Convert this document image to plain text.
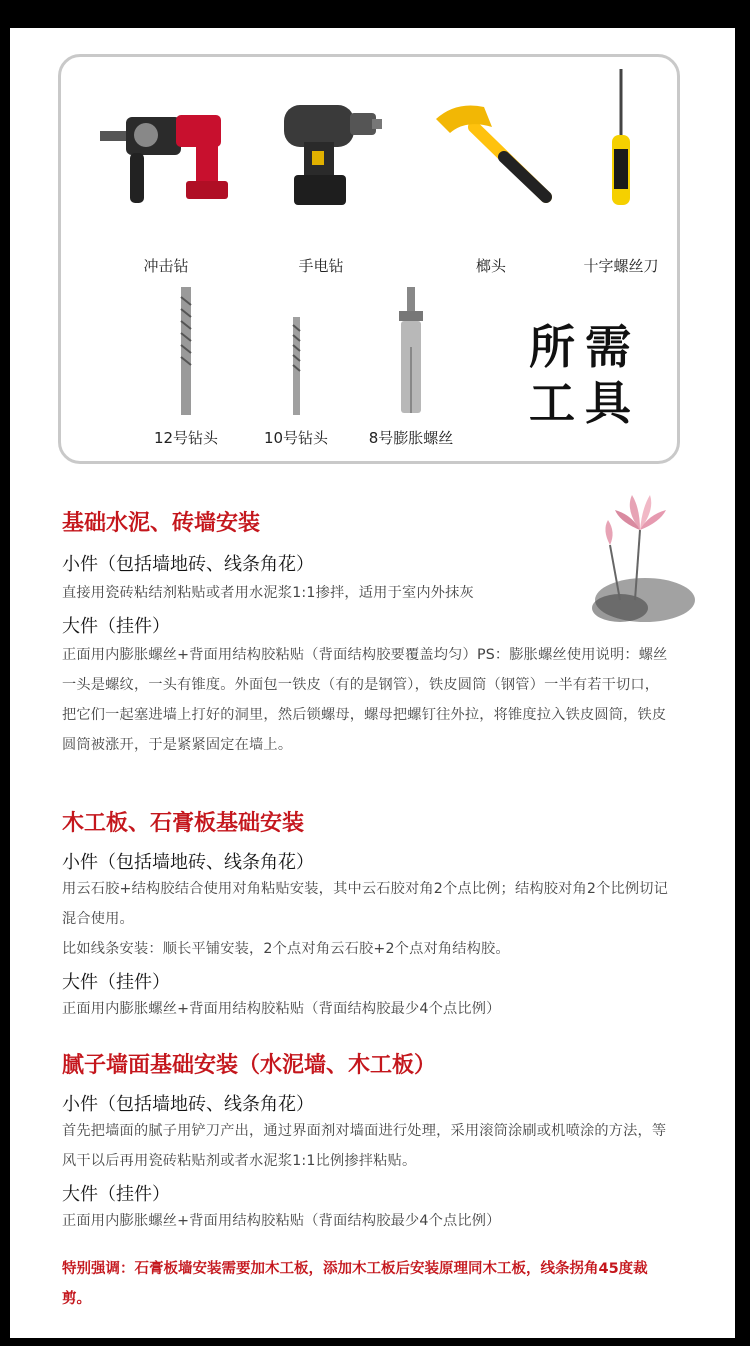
冲击钻	手电钻	榔头	十字螺丝刀
12号钻头	10号钻头	8号膨胀螺丝
所需
工具
基础水泥、砖墙安装
小件（包括墙地砖、线条角花）
直接用瓷砖粘结剂粘贴或者用水泥浆1:1掺拌，适用于室内外抹灰
大件（挂件）
正面用内膨胀螺丝+背面用结构胶粘贴（背面结构胶要覆盖均匀）PS：膨胀螺丝使用说明：螺丝一头是螺纹，一头有锥度。外面包一铁皮（有的是钢管），铁皮圆筒（钢管）一半有若干切口，把它们一起塞进墙上打好的洞里，然后锁螺母，螺母把螺钉往外拉，将锥度拉入铁皮圆筒，铁皮圆筒被涨开，于是紧紧固定在墙上。
木工板、石膏板基础安装
小件（包括墙地砖、线条角花）
用云石胶+结构胶结合使用对角粘贴安装，其中云石胶对角2个点比例；结构胶对角2个比例切记混合使用。
比如线条安装：顺长平铺安装，2个点对角云石胶+2个点对角结构胶。
大件（挂件）
正面用内膨胀螺丝+背面用结构胶粘贴（背面结构胶最少4个点比例）
腻子墙面基础安装（水泥墙、木工板）
小件（包括墙地砖、线条角花）
首先把墙面的腻子用铲刀产出，通过界面剂对墙面进行处理，采用滚筒涂刷或机喷涂的方法，等风干以后再用瓷砖粘贴剂或者水泥浆1:1比例掺拌粘贴。
大件（挂件）
正面用内膨胀螺丝+背面用结构胶粘贴（背面结构胶最少4个点比例）
特别强调：石膏板墙安装需要加木工板，添加木工板后安装原理同木工板，线条拐角45度裁剪。
